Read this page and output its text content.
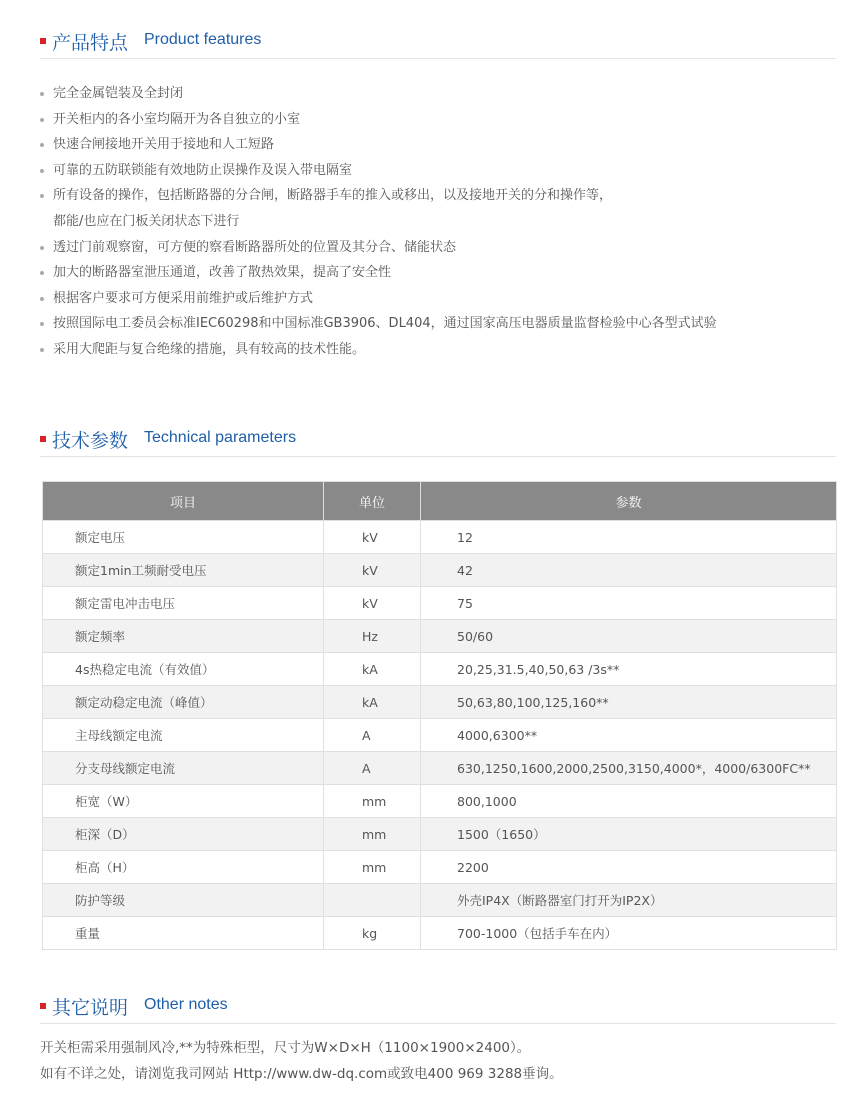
产品特点 Product features
完全金属铠装及全封闭
开关柜内的各小室均隔开为各自独立的小室
快速合闸接地开关用于接地和人工短路
可靠的五防联锁能有效地防止误操作及误入带电隔室
所有设备的操作，包括断路器的分合闸，断路器手车的推入或移出，以及接地开关的分和操作等，
都能/也应在门板关闭状态下进行
透过门前观察窗，可方便的察看断路器所处的位置及其分合、储能状态
加大的断路器室泄压通道，改善了散热效果，提高了安全性
根据客户要求可方便采用前维护或后维护方式
按照国际电工委员会标准IEC60298和中国标准GB3906、DL404，通过国家高压电器质量监督检验中心各型式试验
采用大爬距与复合绝缘的措施，具有较高的技术性能。
技术参数 Technical parameters
项目	单位	参数
额定电压	kV	12
额定1min工频耐受电压	kV	42
额定雷电冲击电压	kV	75
额定频率	Hz	50/60
4s热稳定电流（有效值）	kA	20,25,31.5,40,50,63 /3s**
额定动稳定电流（峰值）	kA	50,63,80,100,125,160**
主母线额定电流	A	4000,6300**
分支母线额定电流	A	630,1250,1600,2000,2500,3150,4000*，4000/6300FC**
柜宽（W）	mm	800,1000
柜深（D）	mm	1500（1650）
柜高（H）	mm	2200
防护等级		外壳IP4X（断路器室门打开为IP2X）
重量	kg	700-1000（包括手车在内）
其它说明 Other notes

开关柜需采用强制风冷,**为特殊柜型，尺寸为W×D×H（1100×1900×2400）。

如有不详之处，请浏览我司网站 Http://www.dw-dq.com或致电400 969 3288垂询。
